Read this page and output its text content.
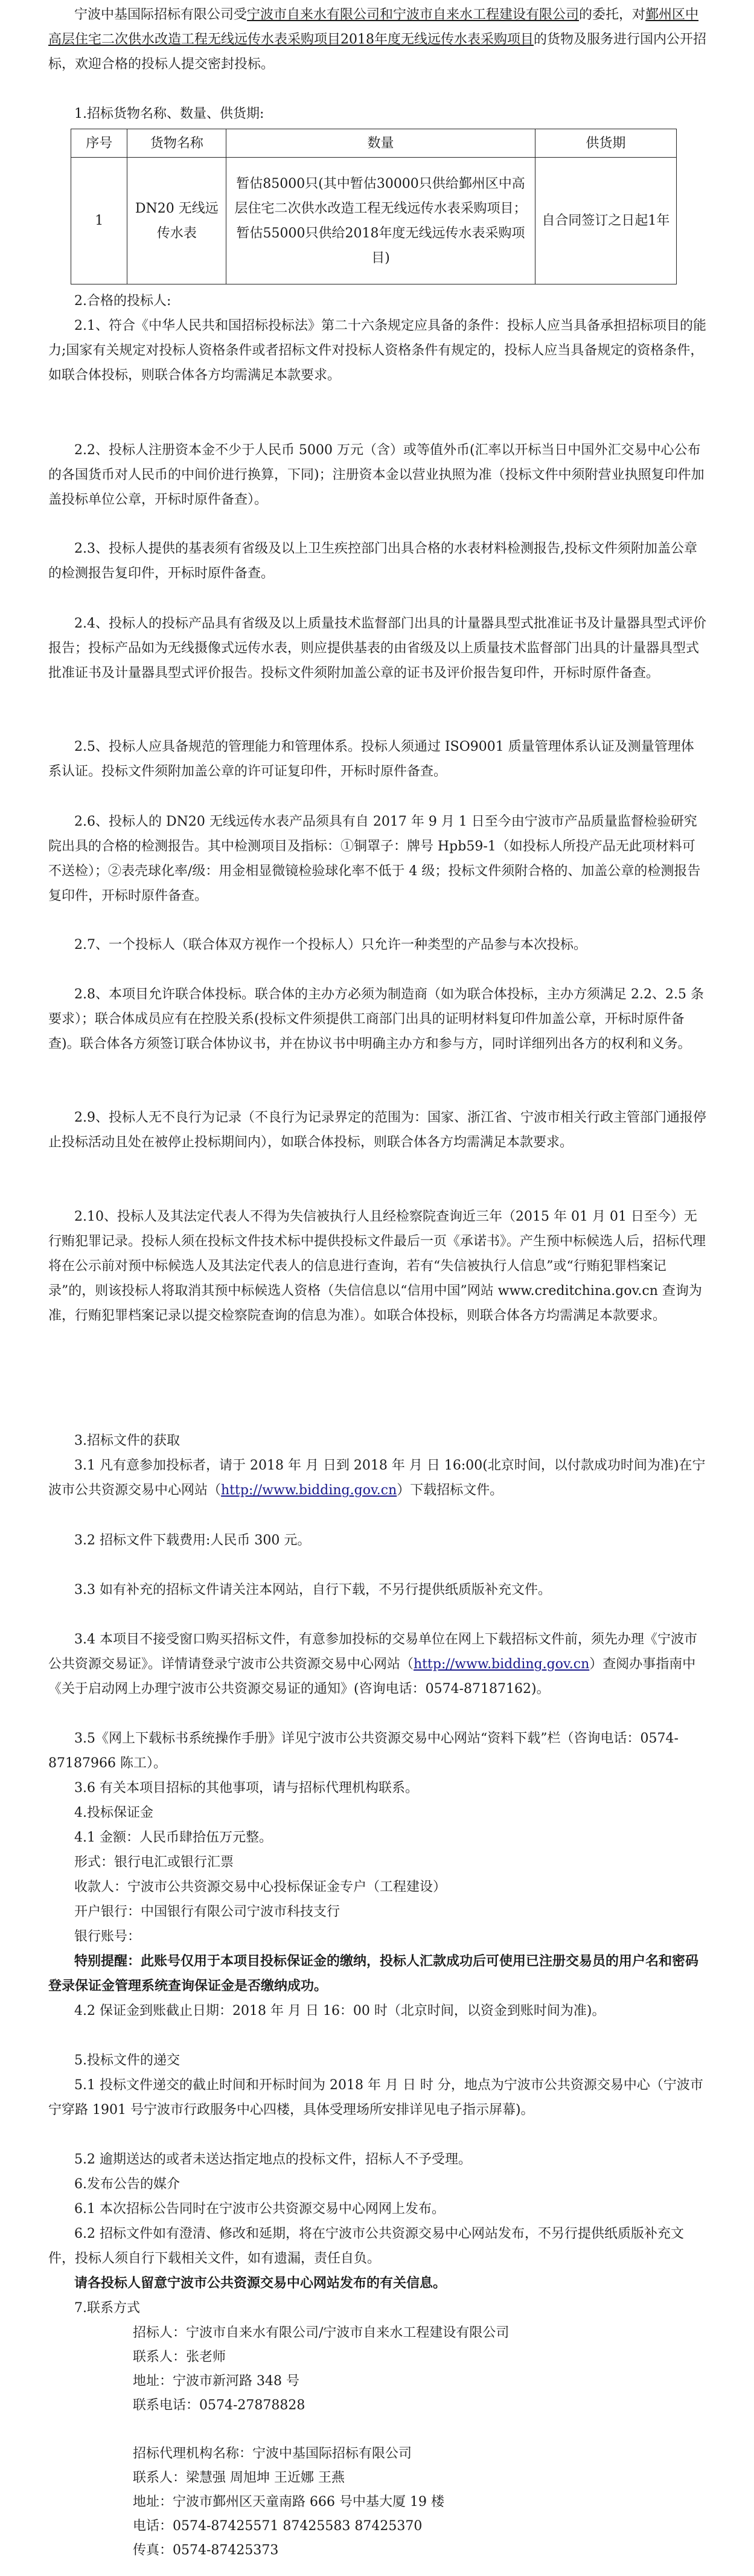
宁波中基国际招标有限公司受宁波市自来水有限公司和宁波市自来水工程建设有限公司的委托，对鄞州区中高层住宅二次供水改造工程无线远传水表采购项目2018年度无线远传水表采购项目的货物及服务进行国内公开招标，欢迎合格的投标人提交密封投标。

1.招标货物名称、数量、供货期:

序号	货物名称	数量	供货期
1	DN20 无线远传水表	暂估85000只(其中暂估30000只供给鄞州区中高层住宅二次供水改造工程无线远传水表采购项目；暂估55000只供给2018年度无线远传水表采购项目)	自合同签订之日起1年

2.合格的投标人:

2.1、符合《中华人民共和国招标投标法》第二十六条规定应具备的条件：投标人应当具备承担招标项目的能力;国家有关规定对投标人资格条件或者招标文件对投标人资格条件有规定的，投标人应当具备规定的资格条件，如联合体投标，则联合体各方均需满足本款要求。

2.2、投标人注册资本金不少于人民币 5000 万元（含）或等值外币(汇率以开标当日中国外汇交易中心公布的各国货币对人民币的中间价进行换算，下同)；注册资本金以营业执照为准（投标文件中须附营业执照复印件加盖投标单位公章，开标时原件备查）。

2.3、投标人提供的基表须有省级及以上卫生疾控部门出具合格的水表材料检测报告,投标文件须附加盖公章的检测报告复印件，开标时原件备查。

2.4、投标人的投标产品具有省级及以上质量技术监督部门出具的计量器具型式批准证书及计量器具型式评价报告；投标产品如为无线摄像式远传水表，则应提供基表的由省级及以上质量技术监督部门出具的计量器具型式批准证书及计量器具型式评价报告。投标文件须附加盖公章的证书及评价报告复印件，开标时原件备查。

2.5、投标人应具备规范的管理能力和管理体系。投标人须通过 ISO9001 质量管理体系认证及测量管理体系认证。投标文件须附加盖公章的许可证复印件，开标时原件备查。

2.6、投标人的 DN20 无线远传水表产品须具有自 2017 年 9 月 1 日至今由宁波市产品质量监督检验研究院出具的合格的检测报告。其中检测项目及指标：①铜罩子：牌号 Hpb59-1（如投标人所投产品无此项材料可不送检）；②表壳球化率/级：用金相显微镜检验球化率不低于 4 级；投标文件须附合格的、加盖公章的检测报告复印件，开标时原件备查。

2.7、一个投标人（联合体双方视作一个投标人）只允许一种类型的产品参与本次投标。

2.8、本项目允许联合体投标。联合体的主办方必须为制造商（如为联合体投标，主办方须满足 2.2、2.5 条要求）；联合体成员应有在控股关系(投标文件须提供工商部门出具的证明材料复印件加盖公章，开标时原件备查)。联合体各方须签订联合体协议书，并在协议书中明确主办方和参与方，同时详细列出各方的权利和义务。

2.9、投标人无不良行为记录（不良行为记录界定的范围为：国家、浙江省、宁波市相关行政主管部门通报停止投标活动且处在被停止投标期间内），如联合体投标，则联合体各方均需满足本款要求。

2.10、投标人及其法定代表人不得为失信被执行人且经检察院查询近三年（2015 年 01 月 01 日至今）无行贿犯罪记录。投标人须在投标文件技术标中提供投标文件最后一页《承诺书》。产生预中标候选人后，招标代理将在公示前对预中标候选人及其法定代表人的信息进行查询，若有“失信被执行人信息”或“行贿犯罪档案记录”的，则该投标人将取消其预中标候选人资格（失信信息以“信用中国”网站 www.creditchina.gov.cn 查询为准，行贿犯罪档案记录以提交检察院查询的信息为准）。如联合体投标，则联合体各方均需满足本款要求。

3.招标文件的获取

3.1 凡有意参加投标者，请于 2018 年 月 日到 2018 年 月 日 16:00(北京时间，以付款成功时间为准)在宁波市公共资源交易中心网站（http://www.bidding.gov.cn）下载招标文件。

3.2 招标文件下载费用:人民币 300 元。

3.3 如有补充的招标文件请关注本网站，自行下载，不另行提供纸质版补充文件。

3.4 本项目不接受窗口购买招标文件，有意参加投标的交易单位在网上下载招标文件前，须先办理《宁波市公共资源交易证》。详情请登录宁波市公共资源交易中心网站（http://www.bidding.gov.cn）查阅办事指南中《关于启动网上办理宁波市公共资源交易证的通知》(咨询电话：0574-87187162)。

3.5《网上下载标书系统操作手册》详见宁波市公共资源交易中心网站“资料下载”栏（咨询电话：0574-87187966 陈工）。

3.6 有关本项目招标的其他事项，请与招标代理机构联系。

4.投标保证金

4.1 金额：人民币肆拾伍万元整。

形式：银行电汇或银行汇票

收款人：宁波市公共资源交易中心投标保证金专户（工程建设）

开户银行：中国银行有限公司宁波市科技支行

银行账号：

特别提醒：此账号仅用于本项目投标保证金的缴纳，投标人汇款成功后可使用已注册交易员的用户名和密码登录保证金管理系统查询保证金是否缴纳成功。

4.2 保证金到账截止日期：2018 年 月 日 16：00 时（北京时间，以资金到账时间为准)。

5.投标文件的递交

5.1 投标文件递交的截止时间和开标时间为 2018 年 月 日 时 分，地点为宁波市公共资源交易中心（宁波市宁穿路 1901 号宁波市行政服务中心四楼，具体受理场所安排详见电子指示屏幕)。

5.2 逾期送达的或者未送达指定地点的投标文件，招标人不予受理。

6.发布公告的媒介

6.1 本次招标公告同时在宁波市公共资源交易中心网网上发布。

6.2 招标文件如有澄清、修改和延期，将在宁波市公共资源交易中心网站发布，不另行提供纸质版补充文件，投标人须自行下载相关文件，如有遗漏，责任自负。

请各投标人留意宁波市公共资源交易中心网站发布的有关信息。

7.联系方式

招标人：宁波市自来水有限公司/宁波市自来水工程建设有限公司

联系人：张老师

地址：宁波市新河路 348 号

联系电话：0574-27878828

招标代理机构名称：宁波中基国际招标有限公司

联系人：梁慧强 周旭坤 王近娜 王燕

地址：宁波市鄞州区天童南路 666 号中基大厦 19 楼

电话：0574-87425571 87425583 87425370

传真：0574-87425373
